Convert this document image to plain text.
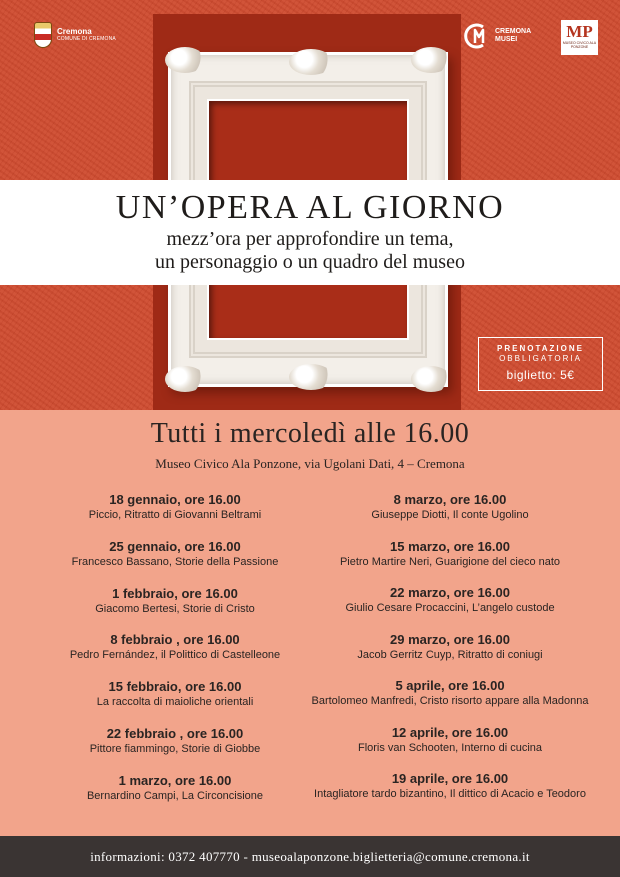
Cremona
COMUNE DI CREMONA
CREMONA
MUSEI	MP
MUSEO CIVICO ALA PONZONE
UN’OPERA AL GIORNO
mezz’ora per approfondire un tema,
un personaggio o un quadro del museo
PRENOTAZIONE
OBBLIGATORIA
biglietto: 5€
Tutti i mercoledì alle 16.00
Museo Civico Ala Ponzone, via Ugolani Dati, 4 – Cremona
18 gennaio, ore 16.00
Piccio, Ritratto di Giovanni Beltrami
25 gennaio, ore 16.00
Francesco Bassano, Storie della Passione
1 febbraio, ore 16.00
Giacomo Bertesi, Storie di Cristo
8 febbraio , ore 16.00
Pedro Fernández, il Polittico di Castelleone
15 febbraio, ore 16.00
La raccolta di maioliche orientali
22 febbraio , ore 16.00
Pittore fiammingo, Storie di Giobbe
1 marzo, ore 16.00
Bernardino Campi, La Circoncisione
8 marzo, ore 16.00
Giuseppe Diotti, Il conte Ugolino
15 marzo, ore 16.00
Pietro Martire Neri, Guarigione del cieco nato
22 marzo, ore 16.00
Giulio Cesare Procaccini, L’angelo custode
29 marzo, ore 16.00
Jacob Gerritz Cuyp, Ritratto di coniugi
5 aprile, ore 16.00
Bartolomeo Manfredi, Cristo risorto appare alla Madonna
12 aprile, ore 16.00
Floris van Schooten, Interno di cucina
19 aprile, ore 16.00
Intagliatore tardo bizantino, Il dittico di Acacio e Teodoro
informazioni: 0372 407770 - museoalaponzone.biglietteria@comune.cremona.it
